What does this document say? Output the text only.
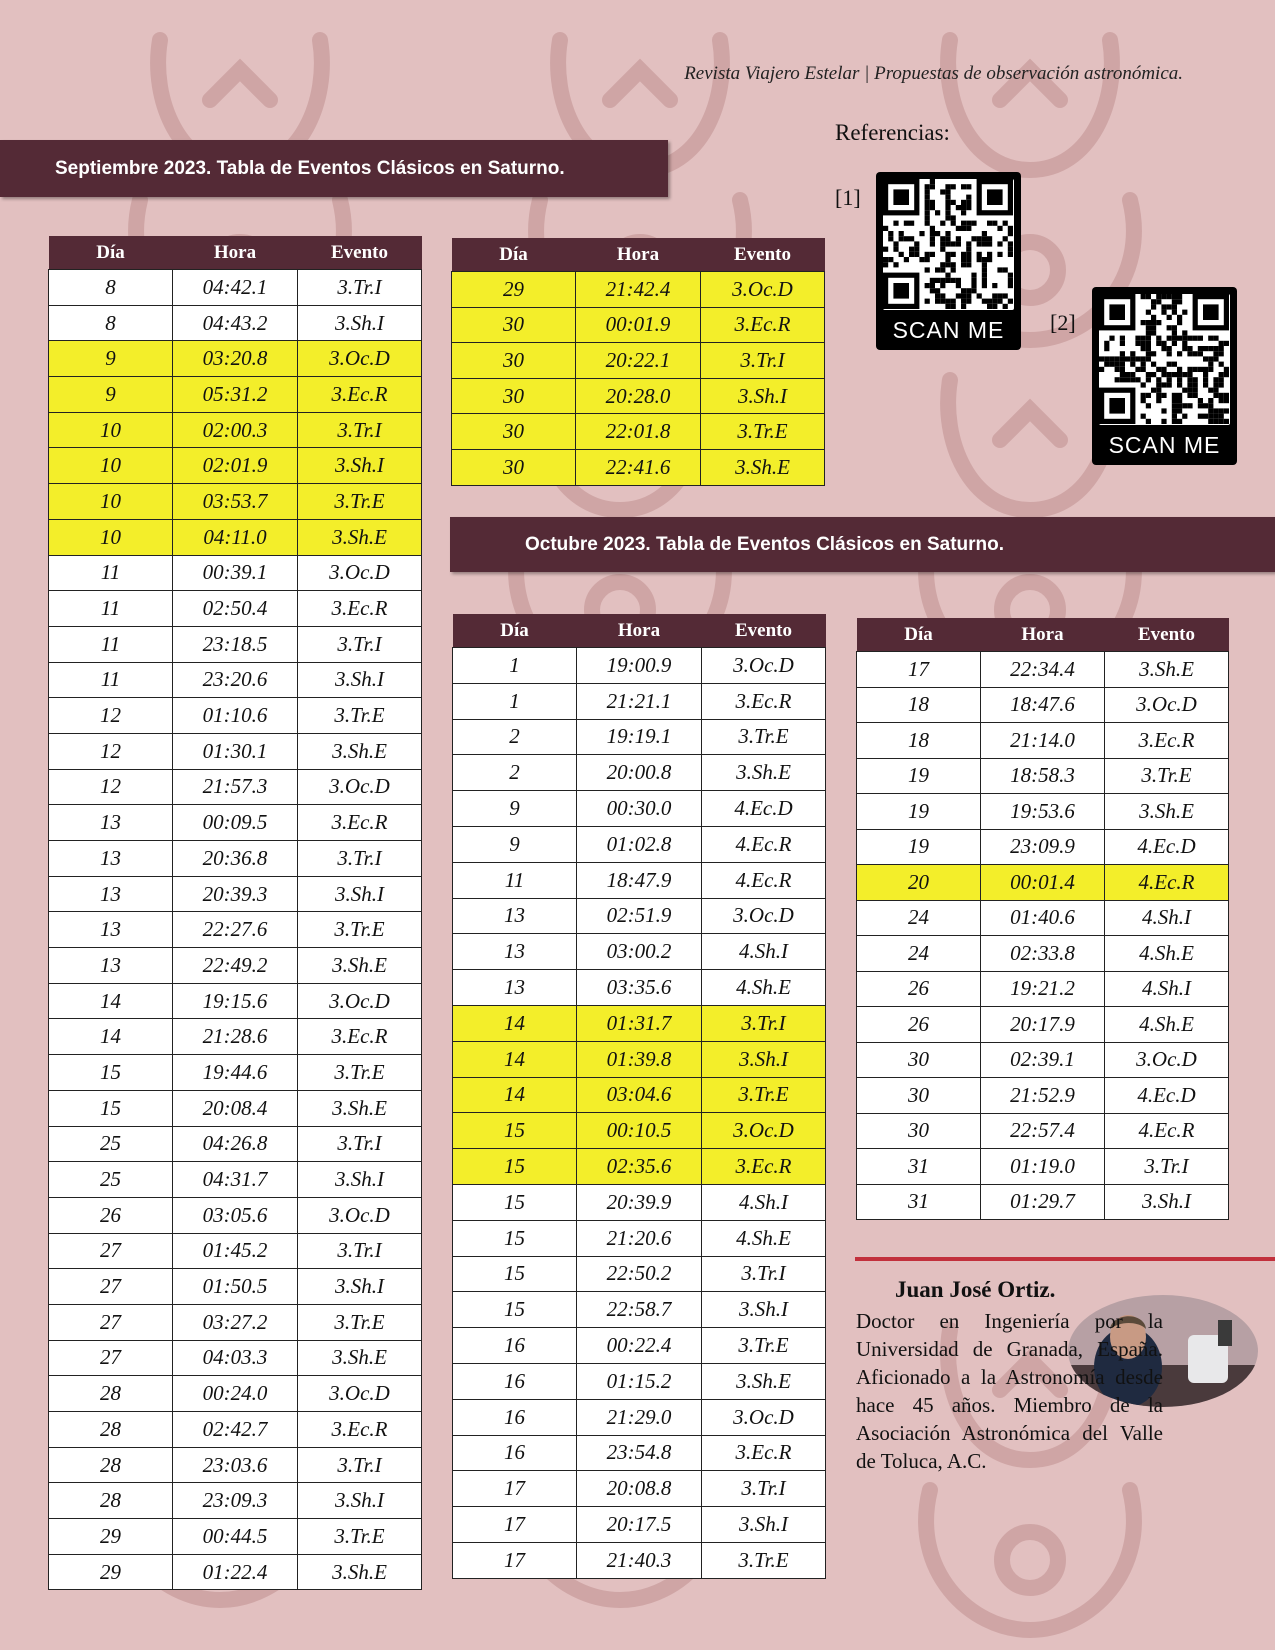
Revista Viajero Estelar | Propuestas de observación astronómica.
Septiembre 2023. Tabla de Eventos Clásicos en Saturno.
Octubre 2023. Tabla de Eventos Clásicos en Saturno.
Día	Hora	Evento
8	04:42.1	3.Tr.I
8	04:43.2	3.Sh.I
9	03:20.8	3.Oc.D
9	05:31.2	3.Ec.R
10	02:00.3	3.Tr.I
10	02:01.9	3.Sh.I
10	03:53.7	3.Tr.E
10	04:11.0	3.Sh.E
11	00:39.1	3.Oc.D
11	02:50.4	3.Ec.R
11	23:18.5	3.Tr.I
11	23:20.6	3.Sh.I
12	01:10.6	3.Tr.E
12	01:30.1	3.Sh.E
12	21:57.3	3.Oc.D
13	00:09.5	3.Ec.R
13	20:36.8	3.Tr.I
13	20:39.3	3.Sh.I
13	22:27.6	3.Tr.E
13	22:49.2	3.Sh.E
14	19:15.6	3.Oc.D
14	21:28.6	3.Ec.R
15	19:44.6	3.Tr.E
15	20:08.4	3.Sh.E
25	04:26.8	3.Tr.I
25	04:31.7	3.Sh.I
26	03:05.6	3.Oc.D
27	01:45.2	3.Tr.I
27	01:50.5	3.Sh.I
27	03:27.2	3.Tr.E
27	04:03.3	3.Sh.E
28	00:24.0	3.Oc.D
28	02:42.7	3.Ec.R
28	23:03.6	3.Tr.I
28	23:09.3	3.Sh.I
29	00:44.5	3.Tr.E
29	01:22.4	3.Sh.E
Día	Hora	Evento
29	21:42.4	3.Oc.D
30	00:01.9	3.Ec.R
30	20:22.1	3.Tr.I
30	20:28.0	3.Sh.I
30	22:01.8	3.Tr.E
30	22:41.6	3.Sh.E
Día	Hora	Evento
1	19:00.9	3.Oc.D
1	21:21.1	3.Ec.R
2	19:19.1	3.Tr.E
2	20:00.8	3.Sh.E
9	00:30.0	4.Ec.D
9	01:02.8	4.Ec.R
11	18:47.9	4.Ec.R
13	02:51.9	3.Oc.D
13	03:00.2	4.Sh.I
13	03:35.6	4.Sh.E
14	01:31.7	3.Tr.I
14	01:39.8	3.Sh.I
14	03:04.6	3.Tr.E
15	00:10.5	3.Oc.D
15	02:35.6	3.Ec.R
15	20:39.9	4.Sh.I
15	21:20.6	4.Sh.E
15	22:50.2	3.Tr.I
15	22:58.7	3.Sh.I
16	00:22.4	3.Tr.E
16	01:15.2	3.Sh.E
16	21:29.0	3.Oc.D
16	23:54.8	3.Ec.R
17	20:08.8	3.Tr.I
17	20:17.5	3.Sh.I
17	21:40.3	3.Tr.E
Día	Hora	Evento
17	22:34.4	3.Sh.E
18	18:47.6	3.Oc.D
18	21:14.0	3.Ec.R
19	18:58.3	3.Tr.E
19	19:53.6	3.Sh.E
19	23:09.9	4.Ec.D
20	00:01.4	4.Ec.R
24	01:40.6	4.Sh.I
24	02:33.8	4.Sh.E
26	19:21.2	4.Sh.I
26	20:17.9	4.Sh.E
30	02:39.1	3.Oc.D
30	21:52.9	4.Ec.D
30	22:57.4	4.Ec.R
31	01:19.0	3.Tr.I
31	01:29.7	3.Sh.I
Referencias:
[1]
[2]
SCAN ME
SCAN ME
Juan José Ortiz.
Doctor en Ingeniería por la Universidad de Granada, España. Aficionado a la Astronomía desde hace 45 años. Miembro de la Asociación Astronómica del Valle de Toluca, A.C.
